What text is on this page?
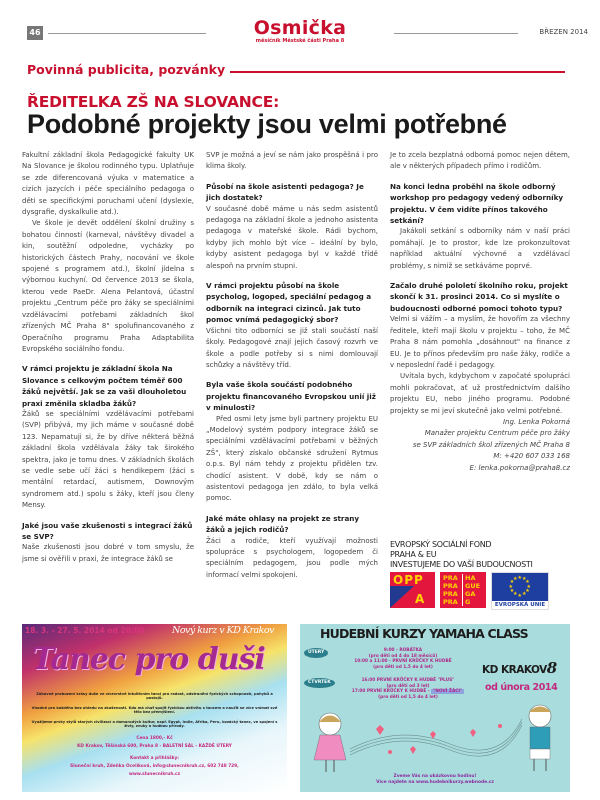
46	Osmička
měsíčník Městské části Praha 8
BŘEZEN 2014
Povinná publicita, pozvánky
ŘEDITELKA ZŠ NA SLOVANCE:
Podobné projekty jsou velmi potřebné

Fakultní základní škola Pedagogické fakulty UK Na Slovance je školou rodinného typu. Uplatňuje se zde diferencovaná výuka v matematice a cizích jazycích i péče speciálního pedagoga o děti se specifickými poruchami učení (dyslexie, dysgrafie, dyskalkulie atd.).

Ve škole je devět oddělení školní družiny s bohatou činností (karneval, návštěvy divadel a kin, soutěžní odpoledne, vycházky po historických částech Prahy, nocování ve škole spojené s programem atd.), školní jídelna s výbornou kuchyní. Od července 2013 se škola, kterou vede PaeDr. Alena Pelantová, účastní projektu „Centrum péče pro žáky se speciálními vzdělávacími potřebami základních škol zřízených MČ Praha 8" spolufinancovaného z Operačního programu Praha Adaptabilita Evropského sociálního fondu.

V rámci projektu je základní škola Na Slovance s celkovým počtem téměř 600 žáků největší. Jak se za vaši dlouholetou praxi změnila skladba žáků?

Žáků se speciálními vzdělávacími potřebami (SVP) přibývá, my jich máme v současné době 123. Nepamatuji si, že by dříve některá běžná základní škola vzdělávala žáky tak širokého spektra, jako je tomu dnes. V základních školách se vedle sebe učí žáci s hendikepem (žáci s mentální retardací, autismem, Downovým syndromem atd.) spolu s žáky, kteří jsou členy Mensy.

Jaké jsou vaše zkušenosti s integrací žáků se SVP?

Naše zkušenosti jsou dobré v tom smyslu, že jsme si ověřili v praxi, že integrace žáků se

SVP je možná a jeví se nám jako prospěšná i pro klima školy.

Působí na škole asistenti pedagoga? Je jich dostatek?

V současné době máme u nás sedm asistentů pedagoga na základní škole a jednoho asistenta pedagoga v mateřské škole. Rádi bychom, kdyby jich mohlo být více – ideální by bylo, kdyby asistent pedagoga byl v každé třídě alespoň na prvním stupni.

V rámci projektu působí na škole psycholog, logoped, speciální pedagog a odborník na integraci cizinců. Jak tuto pomoc vnímá pedagogický sbor?

Všichni tito odborníci se již stali součástí naší školy. Pedagogové znají jejich časový rozvrh ve škole a podle potřeby si s nimi domlouvají schůzky a návštěvy tříd.

Byla vaše škola součástí podobného projektu financovaného Evropskou unií již v minulosti?

Před osmi lety jsme byli partnery projektu EU „Modelový systém podpory integrace žáků se speciálními vzdělávacími potřebami v běžných ZŠ", který získalo občanské sdružení Rytmus o.p.s. Byl nám tehdy z projektu přidělen tzv. chodící asistent. V době, kdy se nám o asistentovi pedagoga jen zdálo, to byla velká pomoc.

Jaké máte ohlasy na projekt ze strany žáků a jejich rodičů?

Žáci a rodiče, kteří využívají možnosti spolupráce s psychologem, logopedem či speciálním pedagogem, jsou podle mých informací velmi spokojeni.

Je to zcela bezplatná odborná pomoc nejen dětem, ale v některých případech přímo i rodičům.

Na konci ledna proběhl na škole odborný workshop pro pedagogy vedený odborníky projektu. V čem vidíte přínos takového setkání?

Jakákoli setkání s odborníky nám v naší práci pomáhají. Je to prostor, kde lze prokonzultovat například aktuální výchovné a vzdělávací problémy, s nimiž se setkáváme poprvé.

Začalo druhé pololetí školního roku, projekt skončí k 31. prosinci 2014. Co si myslíte o budoucnosti odborné pomoci tohoto typu?

Velmi si vážím – a myslím, že hovořím za všechny ředitele, kteří mají školu v projektu – toho, že MČ Praha 8 nám pomohla „dosáhnout" na finance z EU. Je to přínos především pro naše žáky, rodiče a v neposlední řadě i pedagogy.

Uvítala bych, kdybychom v započaté spolupráci mohli pokračovat, ať už prostřednictvím dalšího projektu EU, nebo jiného programu. Podobné projekty se mi jeví skutečně jako velmi potřebné.

Ing. Lenka Pokorná
Manažer projektu Centrum péče pro žáky
se SVP základních škol zřízených MČ Praha 8
M: +420 607 033 168
E: lenka.pokorna@praha8.cz
EVROPSKÝ SOCIÁLNÍ FOND
PRAHA & EU
INVESTUJEME DO VAŠÍ BUDOUCNOSTI
OPP
A
PRA
PRA
PRA
PRA
HA
GUE
GA
G
★ ★
★
★
★
★
★
★
★
★
★
★
EVROPSKÁ UNIE
18. 3. - 27. 5. 2014 od 20:00	Nový kurz v KD Krakov
Tanec pro duši
Zábavné probuzení krásy duše ve vícevrstvé intuitivním tanci pro radost, odstranění fyzických schopností, pohybů a postojů.
Vhodné pro každého bez ohledu na zkušenosti. Kdo má chuť spojit fyzickou aktivitu s tancem a naučit se více vnímat své tělo bez přemýšlení.
Využijeme prvky stylů starých civilizací a domorodých kultur, např. Egypt, Indie, Afrika, Peru, kozácký tanec, ve spojení s živly, zvuky a hudbou přírody.
Cena 1800,- Kč
KD Krakov, Těšínská 600, Praha 8 - BALETNÍ SÁL - KAŽDÉ ÚTERÝ
Kontakt a přihlášky:
Sluneční kruh, Zdeňka Ocelíková, info@slunecnikruh.cz, 602 748 729,
www.slunecnikruh.cz
HUDEBNÍ KURZY YAMAHA CLASS
KD KRAKOV8
od února 2014
ÚTERÝ
ČTVRTEK
9:00 - ROBÁTKA
(pro děti od 4 do 18 měsíců)
10:00 a 11:00 - PRVNÍ KRŮČKY K HUDBĚ
(pro děti od 1,5 do 4 let)
16:00 PRVNÍ KRŮČKY K HUDBĚ "PLUS"
(pro děti od 3 let)
17:00 PRVNÍ KRŮČKY K HUDBĚ - "NOVÍ ŽÁCI"
(pro děti od 1,5 do 4 let)
Zveme Vás na ukázkovou hodinu!
Více najdete na www.hudebnikurzy.webnode.cz
